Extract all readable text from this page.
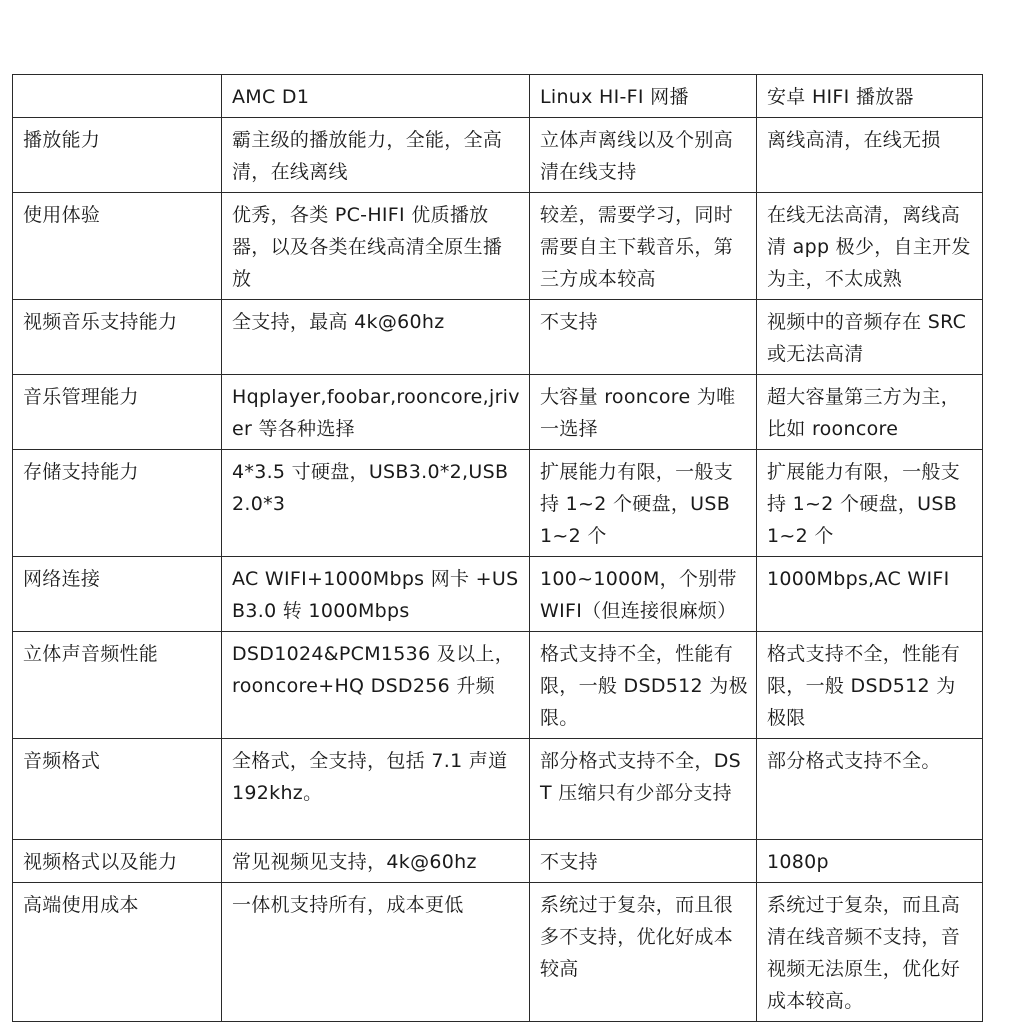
	AMC D1	Linux HI-FI 网播	安卓 HIFI 播放器
播放能力	霸主级的播放能力，全能，全高清，在线离线	立体声离线以及个别高清在线支持	离线高清，在线无损
使用体验	优秀，各类 PC-HIFI 优质播放器，以及各类在线高清全原生播放	较差，需要学习，同时需要自主下载音乐，第三方成本较高	在线无法高清，离线高清 app 极少，自主开发为主，不太成熟
视频音乐支持能力	全支持，最高 4k@60hz	不支持	视频中的音频存在 SRC 或无法高清
音乐管理能力	Hqplayer,foobar,rooncore,jriver 等各种选择	大容量 rooncore 为唯一选择	超大容量第三方为主，比如 rooncore
存储支持能力	4*3.5 寸硬盘，USB3.0*2,USB 2.0*3	扩展能力有限，一般支持 1~2 个硬盘，USB 1~2 个	扩展能力有限，一般支持 1~2 个硬盘，USB 1~2 个
网络连接	AC WIFI+1000Mbps 网卡 +USB3.0 转 1000Mbps	100~1000M，个别带 WIFI（但连接很麻烦）	1000Mbps,AC WIFI
立体声音频性能	DSD1024&PCM1536 及以上，rooncore+HQ DSD256 升频	格式支持不全，性能有限，一般 DSD512 为极限。	格式支持不全，性能有限，一般 DSD512 为极限
音频格式	全格式，全支持，包括 7.1 声道 192khz。	部分格式支持不全，DST 压缩只有少部分支持	部分格式支持不全。
视频格式以及能力	常见视频见支持，4k@60hz	不支持	1080p
高端使用成本	一体机支持所有，成本更低	系统过于复杂，而且很多不支持，优化好成本较高	系统过于复杂，而且高清在线音频不支持，音视频无法原生，优化好成本较高。
